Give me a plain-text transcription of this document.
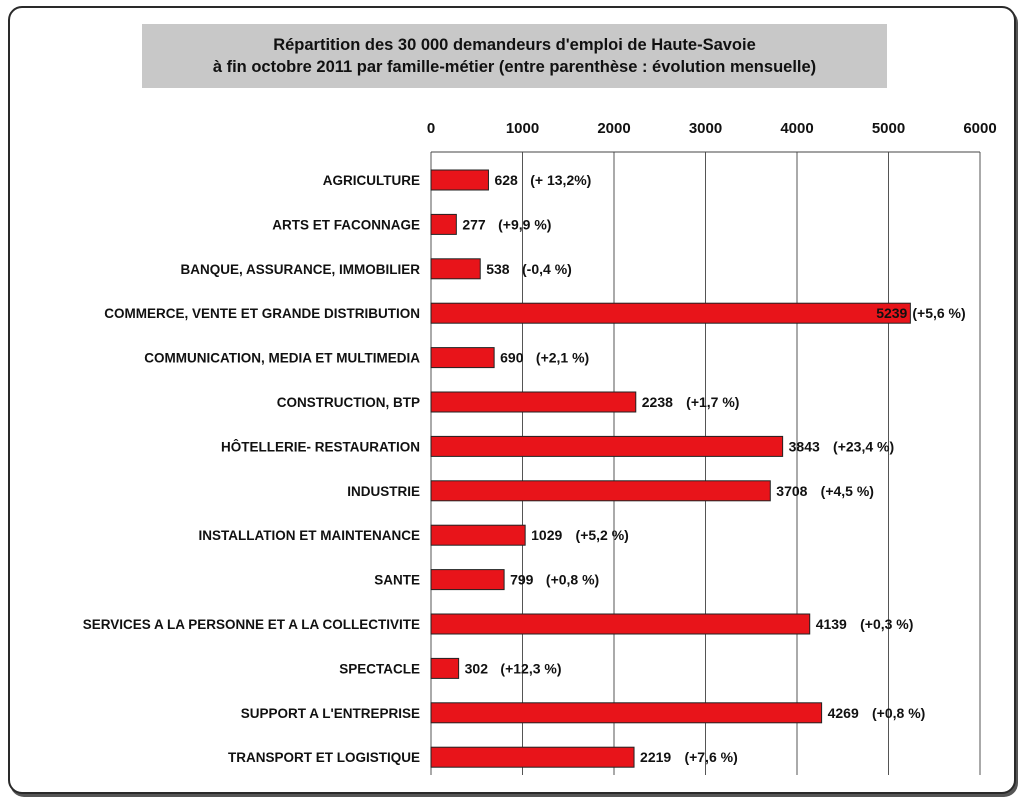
Répartition des 30 000 demandeurs d'emploi de Haute-Savoie
à fin octobre 2011 par famille-métier (entre parenthèse : évolution mensuelle)
0	1000	2000	3000	4000	5000	6000
AGRICULTURE	628 (+ 13,2%)
ARTS ET FACONNAGE	277 (+9,9 %)
BANQUE, ASSURANCE, IMMOBILIER	538 (-0,4 %)
COMMERCE, VENTE ET GRANDE DISTRIBUTION	5239 (+5,6 %)
COMMUNICATION, MEDIA ET MULTIMEDIA	690 (+2,1 %)
CONSTRUCTION, BTP	2238 (+1,7 %)
HÔTELLERIE- RESTAURATION	3843 (+23,4 %)
INDUSTRIE	3708 (+4,5 %)
INSTALLATION ET MAINTENANCE	1029 (+5,2 %)
SANTE	799 (+0,8 %)
SERVICES A LA PERSONNE ET A LA COLLECTIVITE	4139 (+0,3 %)
SPECTACLE	302 (+12,3 %)
SUPPORT A L'ENTREPRISE	4269 (+0,8 %)
TRANSPORT ET LOGISTIQUE	2219 (+7,6 %)
